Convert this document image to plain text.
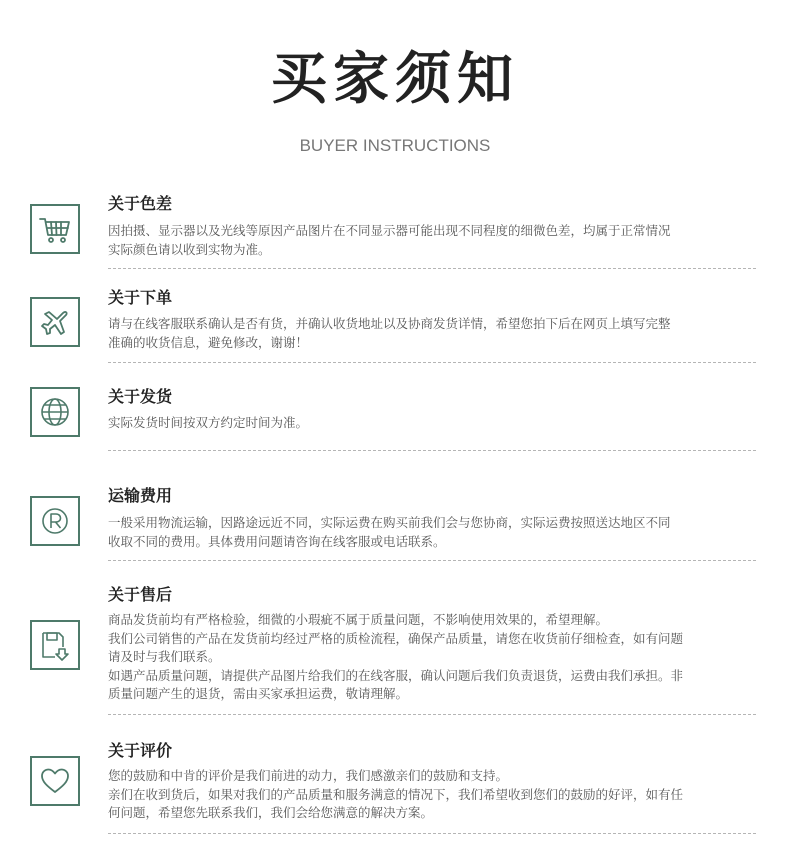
买家须知
BUYER INSTRUCTIONS
关于色差
因拍摄、显示器以及光线等原因产品图片在不同显示器可能出现不同程度的细微色差，均属于正常情况
实际颜色请以收到实物为准。
关于下单
请与在线客服联系确认是否有货，并确认收货地址以及协商发货详情，希望您拍下后在网页上填写完整
准确的收货信息，避免修改，谢谢！
关于发货
实际发货时间按双方约定时间为准。
运输费用
一般采用物流运输，因路途远近不同，实际运费在购买前我们会与您协商，实际运费按照送达地区不同
收取不同的费用。具体费用问题请咨询在线客服或电话联系。
关于售后
商品发货前均有严格检验，细微的小瑕疵不属于质量问题，不影响使用效果的，希望理解。
我们公司销售的产品在发货前均经过严格的质检流程，确保产品质量，请您在收货前仔细检查，如有问题
请及时与我们联系。
如遇产品质量问题，请提供产品图片给我们的在线客服，确认问题后我们负责退货，运费由我们承担。非
质量问题产生的退货，需由买家承担运费，敬请理解。
关于评价
您的鼓励和中肯的评价是我们前进的动力，我们感激亲们的鼓励和支持。
亲们在收到货后，如果对我们的产品质量和服务满意的情况下，我们希望收到您们的鼓励的好评，如有任
何问题，希望您先联系我们，我们会给您满意的解决方案。
